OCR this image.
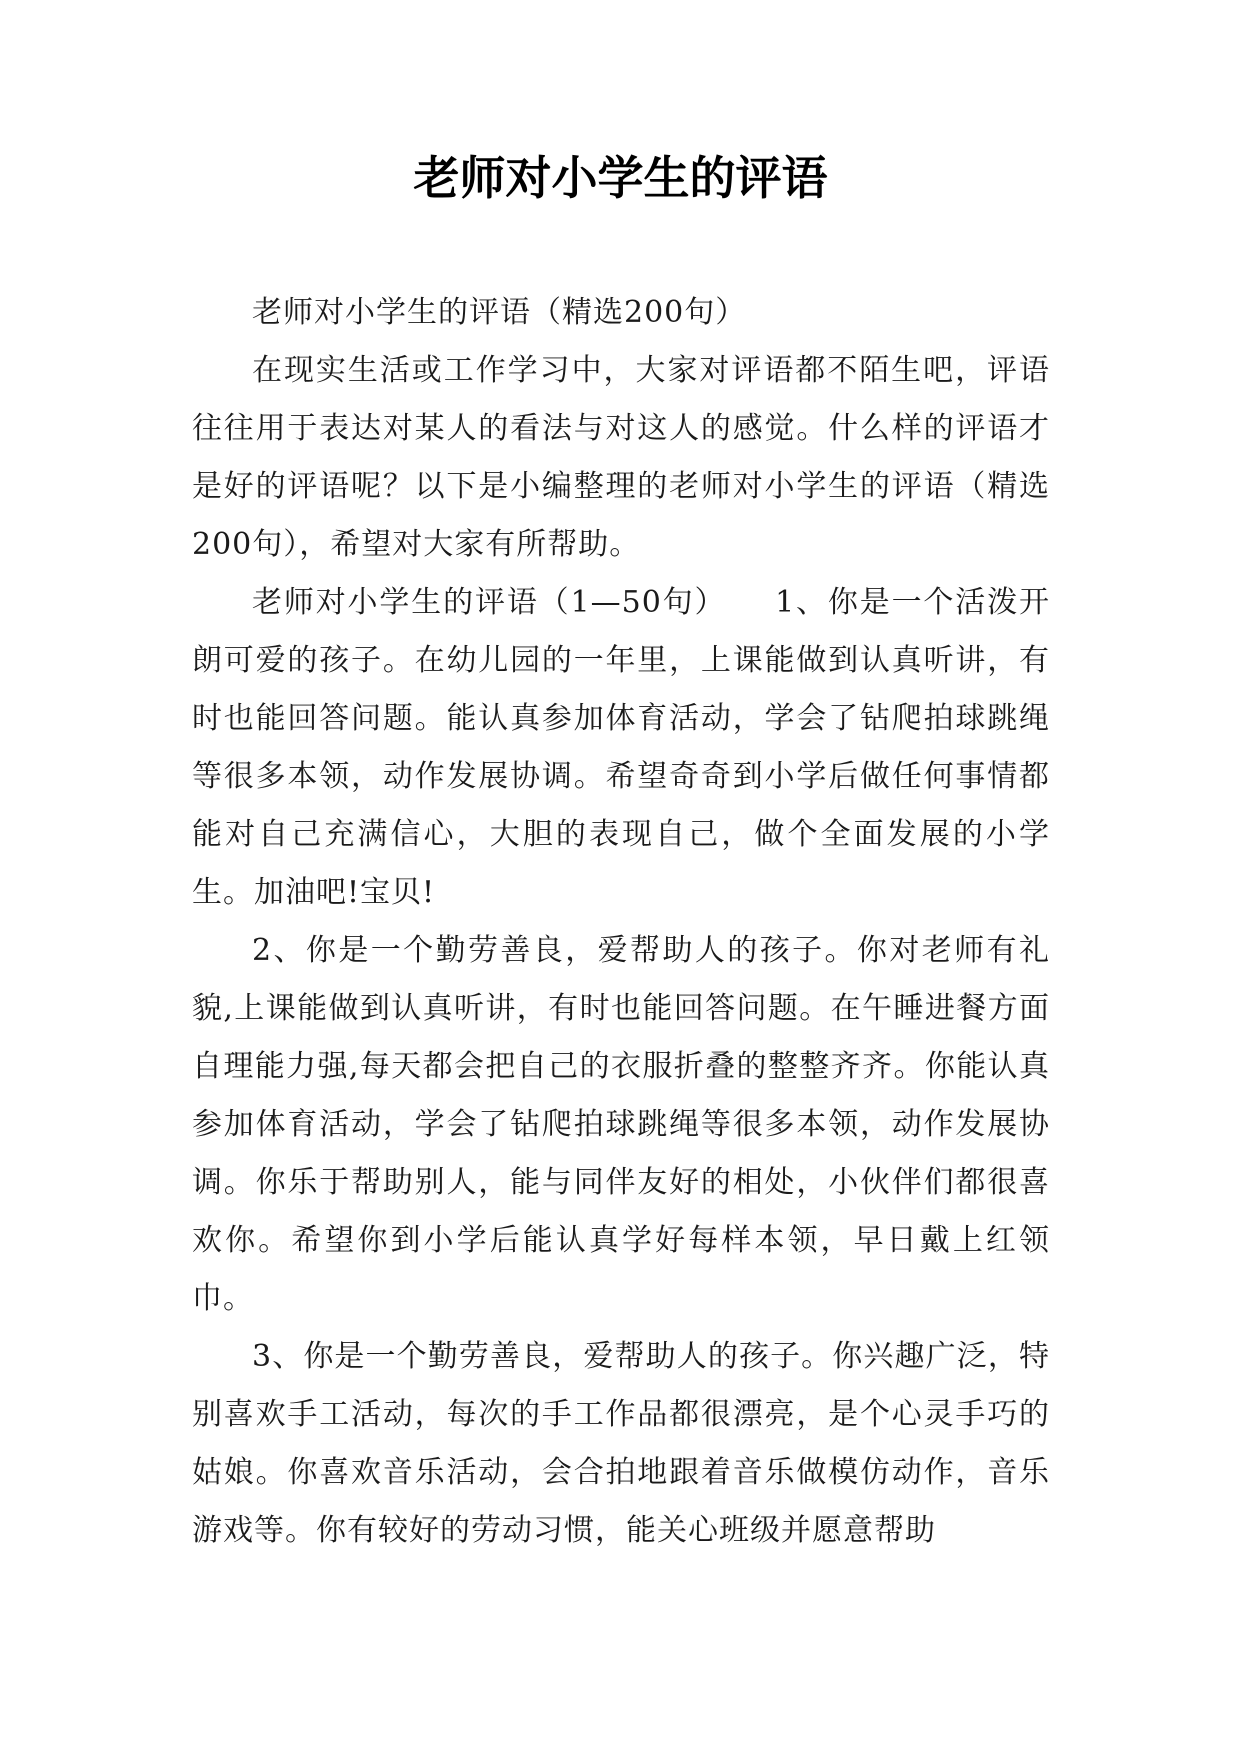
老师对小学生的评语

老师对小学生的评语（精选200句）

在现实生活或工作学习中，大家对评语都不陌生吧，评语往往用于表达对某人的看法与对这人的感觉。什么样的评语才是好的评语呢？以下是小编整理的老师对小学生的评语（精选200句），希望对大家有所帮助。

老师对小学生的评语（1—50句）　　1、你是一个活泼开朗可爱的孩子。在幼儿园的一年里，上课能做到认真听讲，有时也能回答问题。能认真参加体育活动，学会了钻爬拍球跳绳等很多本领，动作发展协调。希望奇奇到小学后做任何事情都能对自己充满信心，大胆的表现自己，做个全面发展的小学生。加油吧!宝贝!

2、你是一个勤劳善良，爱帮助人的孩子。你对老师有礼貌,上课能做到认真听讲，有时也能回答问题。在午睡进餐方面自理能力强,每天都会把自己的衣服折叠的整整齐齐。你能认真参加体育活动，学会了钻爬拍球跳绳等很多本领，动作发展协调。你乐于帮助别人，能与同伴友好的相处，小伙伴们都很喜欢你。希望你到小学后能认真学好每样本领，早日戴上红领巾。

3、你是一个勤劳善良，爱帮助人的孩子。你兴趣广泛，特别喜欢手工活动，每次的手工作品都很漂亮，是个心灵手巧的姑娘。你喜欢音乐活动，会合拍地跟着音乐做模仿动作，音乐游戏等。你有较好的劳动习惯，能关心班级并愿意帮助
